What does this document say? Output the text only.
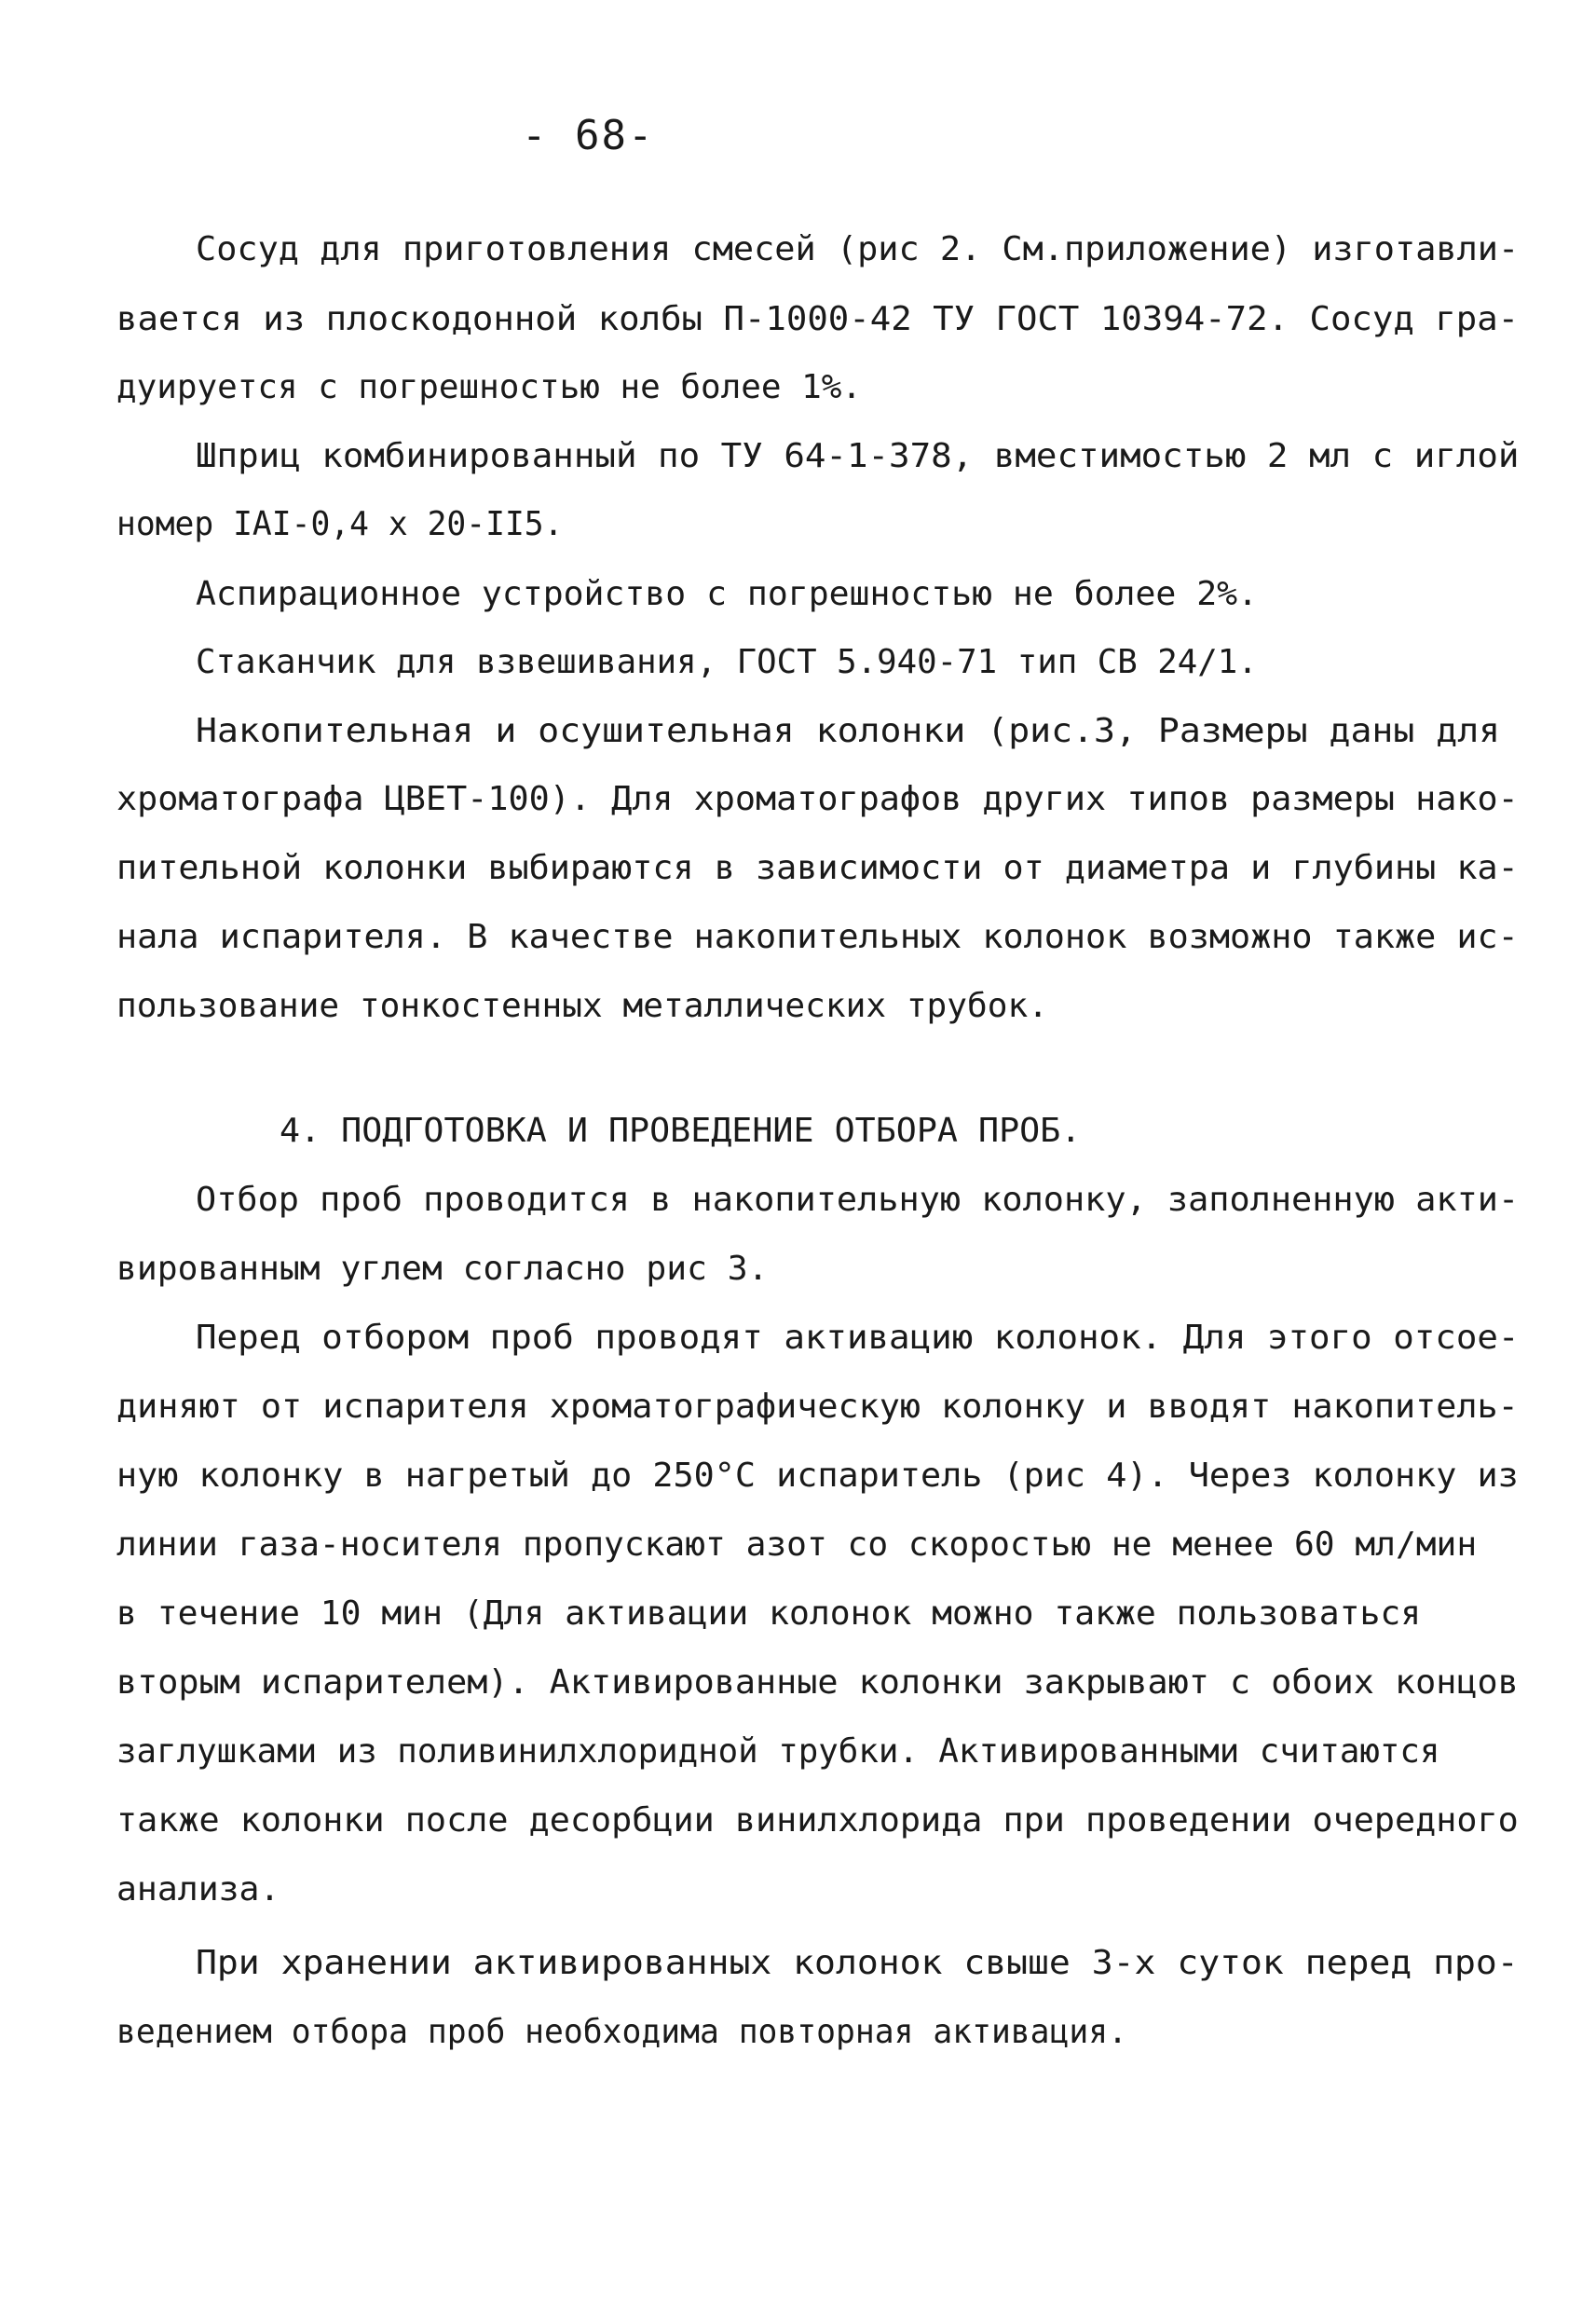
- 68-
Сосуд для приготовления смесей (рис 2. См.приложение) изготавли-
вается из плоскодонной колбы П-1000-42 ТУ ГОСТ 10394-72. Сосуд гра-
дуируется с погрешностью не более 1%.
Шприц комбинированный по ТУ 64-1-378, вместимостью 2 мл с иглой
номер IAI-0,4 x 20-II5.
Аспирационное устройство с погрешностью не более 2%.
Стаканчик для взвешивания, ГОСТ 5.940-71 тип СВ 24/1.
Накопительная и осушительная колонки (рис.3, Размеры даны для
хроматографа ЦВЕТ-100). Для хроматографов других типов размеры нако-
пительной колонки выбираются в зависимости от диаметра и глубины ка-
нала испарителя. В качестве накопительных колонок возможно также ис-
пользование тонкостенных металлических трубок.
4. ПОДГОТОВКА И ПРОВЕДЕНИЕ ОТБОРА ПРОБ.
Отбор проб проводится в накопительную колонку, заполненную акти-
вированным углем согласно рис 3.
Перед отбором проб проводят активацию колонок. Для этого отсое-
диняют от испарителя хроматографическую колонку и вводят накопитель-
ную колонку в нагретый до 250°С испаритель (рис 4). Через колонку из
линии газа-носителя пропускают азот со скоростью не менее 60 мл/мин
в течение 10 мин (Для активации колонок можно также пользоваться
вторым испарителем). Активированные колонки закрывают с обоих концов
заглушками из поливинилхлоридной трубки. Активированными считаются
также колонки после десорбции винилхлорида при проведении очередного
анализа.
При хранении активированных колонок свыше 3-х суток перед про-
ведением отбора проб необходима повторная активация.
